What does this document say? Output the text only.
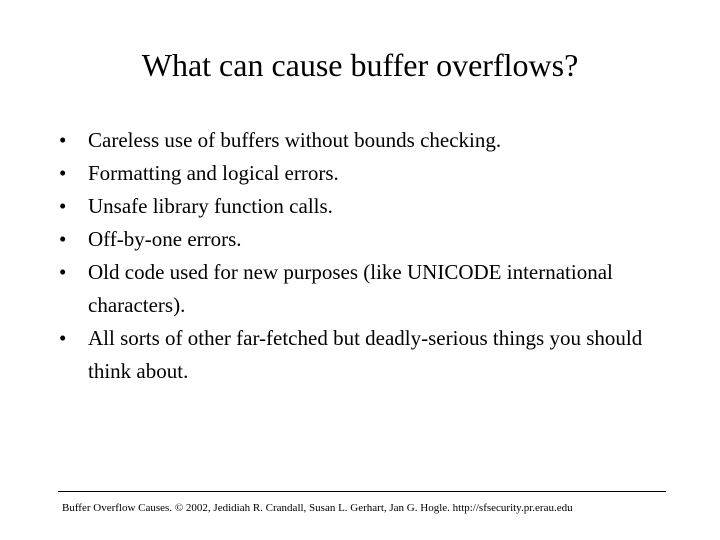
What can cause buffer overflows?
•	Careless use of buffers without bounds checking.
•	Formatting and logical errors.
•	Unsafe library function calls.
•	Off-by-one errors.
•	Old code used for new purposes (like UNICODE international characters).
•	All sorts of other far-fetched but deadly-serious things you should think about.
Buffer Overflow Causes. © 2002, Jedidiah R. Crandall, Susan L. Gerhart, Jan G. Hogle. http://sfsecurity.pr.erau.edu
